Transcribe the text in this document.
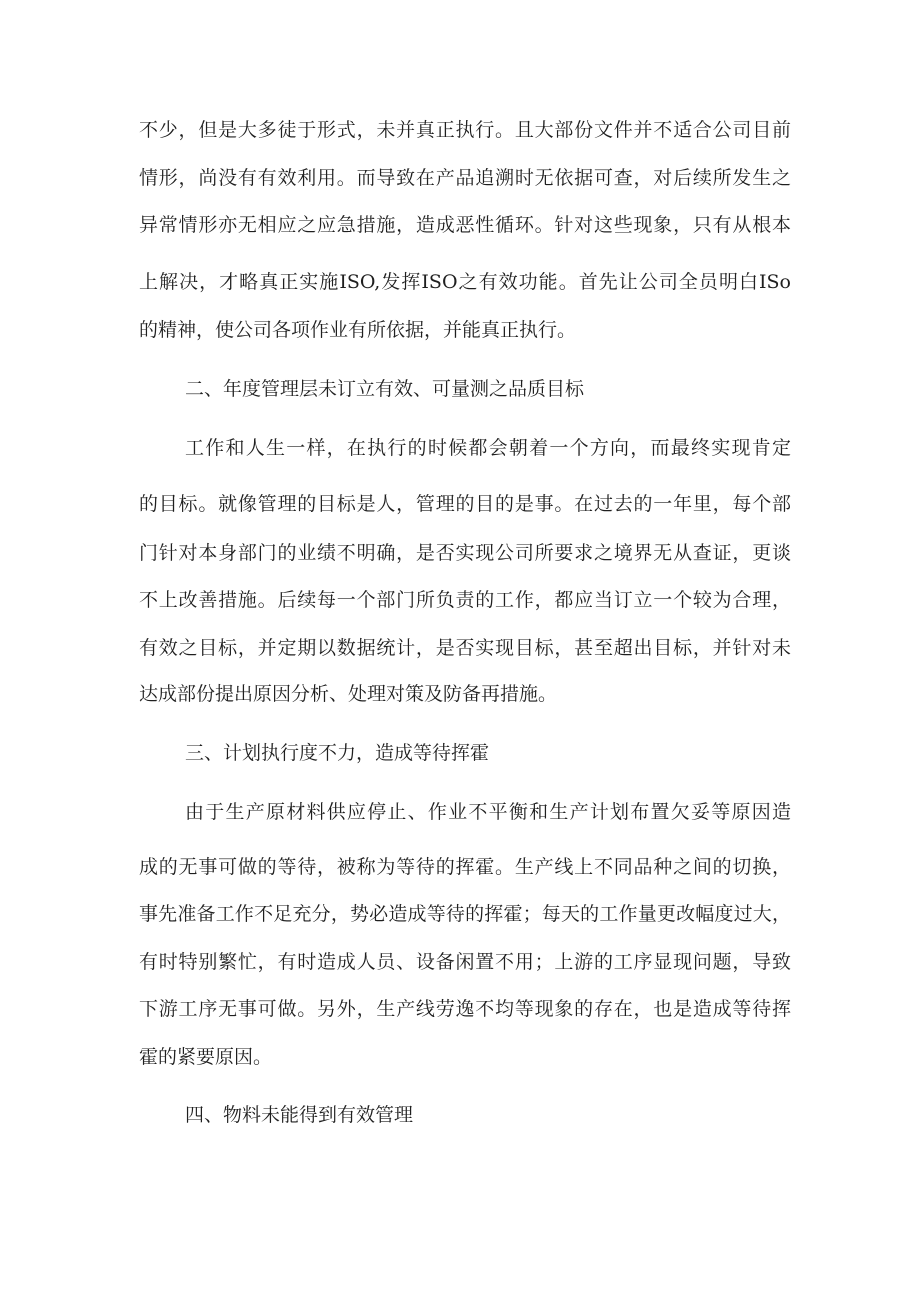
不少，但是大多徒于形式，未并真正执行。且大部份文件并不适合公司目前

情形，尚没有有效利用。而导致在产品追溯时无依据可查，对后续所发生之

异常情形亦无相应之应急措施，造成恶性循环。针对这些现象，只有从根本

上解决，才略真正实施ISO,发挥ISO之有效功能。首先让公司全员明白ISo

的精神，使公司各项作业有所依据，并能真正执行。

二、年度管理层未订立有效、可量测之品质目标

工作和人生一样，在执行的时候都会朝着一个方向，而最终实现肯定

的目标。就像管理的目标是人，管理的目的是事。在过去的一年里，每个部

门针对本身部门的业绩不明确，是否实现公司所要求之境界无从查证，更谈

不上改善措施。后续每一个部门所负责的工作，都应当订立一个较为合理，

有效之目标，并定期以数据统计，是否实现目标，甚至超出目标，并针对未

达成部份提出原因分析、处理对策及防备再措施。

三、计划执行度不力，造成等待挥霍

由于生产原材料供应停止、作业不平衡和生产计划布置欠妥等原因造

成的无事可做的等待，被称为等待的挥霍。生产线上不同品种之间的切换，

事先准备工作不足充分，势必造成等待的挥霍；每天的工作量更改幅度过大，

有时特别繁忙，有时造成人员、设备闲置不用；上游的工序显现问题，导致

下游工序无事可做。另外，生产线劳逸不均等现象的存在，也是造成等待挥

霍的紧要原因。

四、物料未能得到有效管理
